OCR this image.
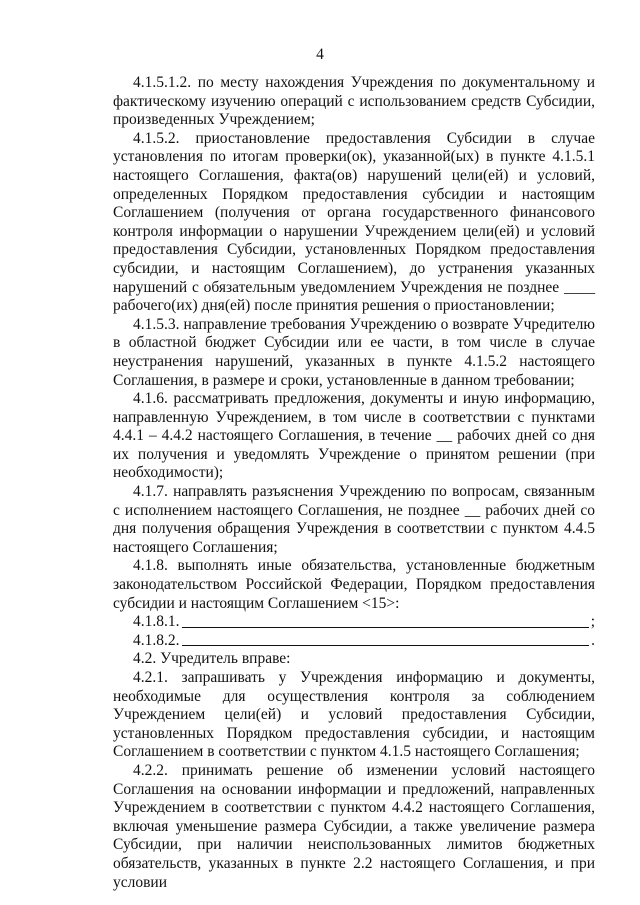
4

4.1.5.1.2. по месту нахождения Учреждения по документальному и фактическому изучению операций с использованием средств Субсидии, произведенных Учреждением;

4.1.5.2. приостановление предоставления Субсидии в случае установления по итогам проверки(ок), указанной(ых) в пункте 4.1.5.1 настоящего Соглашения, факта(ов) нарушений цели(ей) и условий, определенных Порядком предоставления субсидии и настоящим Соглашением (получения от органа государственного финансового контроля информации о нарушении Учреждением цели(ей) и условий предоставления Субсидии, установленных Порядком предоставления субсидии, и настоящим Соглашением), до устранения указанных нарушений с обязательным уведомлением Учреждения не позднее ____ рабочего(их) дня(ей) после принятия решения о приостановлении;

4.1.5.3. направление требования Учреждению о возврате Учредителю в областной бюджет Субсидии или ее части, в том числе в случае неустранения нарушений, указанных в пункте 4.1.5.2 настоящего Соглашения, в размере и сроки, установленные в данном требовании;

4.1.6. рассматривать предложения, документы и иную информацию, направленную Учреждением, в том числе в соответствии с пунктами 4.4.1 – 4.4.2 настоящего Соглашения, в течение __ рабочих дней со дня их получения и уведомлять Учреждение о принятом решении (при необходимости);

4.1.7. направлять разъяснения Учреждению по вопросам, связанным с исполнением настоящего Соглашения, не позднее __ рабочих дней со дня получения обращения Учреждения в соответствии с пунктом 4.4.5 настоящего Соглашения;

4.1.8. выполнять иные обязательства, установленные бюджетным законодательством Российской Федерации, Порядком предоставления субсидии и настоящим Соглашением <15>:

4.1.8.1.	;
4.1.8.2.	.

4.2. Учредитель вправе:

4.2.1. запрашивать у Учреждения информацию и документы, необходимые для осуществления контроля за соблюдением Учреждением цели(ей) и условий предоставления Субсидии, установленных Порядком предоставления субсидии, и настоящим Соглашением в соответствии с пунктом 4.1.5 настоящего Соглашения;

4.2.2. принимать решение об изменении условий настоящего Соглашения на основании информации и предложений, направленных Учреждением в соответствии с пунктом 4.4.2 настоящего Соглашения, включая уменьшение размера Субсидии, а также увеличение размера Субсидии, при наличии неиспользованных лимитов бюджетных обязательств, указанных в пункте 2.2 настоящего Соглашения, и при условии
